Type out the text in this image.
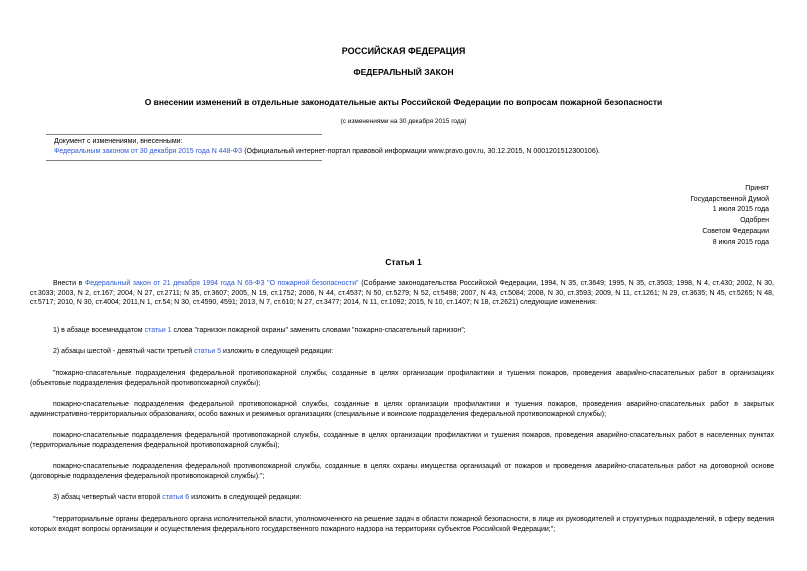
РОССИЙСКАЯ ФЕДЕРАЦИЯ
ФЕДЕРАЛЬНЫЙ ЗАКОН
О внесении изменений в отдельные законодательные акты Российской Федерации по вопросам пожарной безопасности
(с изменениями на 30 декабря 2015 года)
Документ с изменениями, внесенными:
Федеральным законом от 30 декабря 2015 года N 448-ФЗ (Официальный интернет-портал правовой информации www.pravo.gov.ru, 30.12.2015, N 0001201512300106).
Принят
Государственной Думой
1 июля 2015 года
Одобрен
Советом Федерации
8 июля 2015 года
Статья 1
Внести в Федеральный закон от 21 декабря 1994 года N 69-ФЗ "О пожарной безопасности" (Собрание законодательства Российской Федерации, 1994, N 35, ст.3649; 1995, N 35, ст.3503; 1998, N 4, ст.430; 2002, N 30, ст.3033; 2003, N 2, ст.167; 2004, N 27, ст.2711; N 35, ст.3607; 2005, N 19, ст.1752; 2006, N 44, ст.4537; N 50, ст.5279; N 52, ст.5498; 2007, N 43, ст.5084; 2008, N 30, ст.3593; 2009, N 11, ст.1261; N 29, ст.3635; N 45, ст.5265; N 48, ст.5717; 2010, N 30, ст.4004; 2011,N 1, ст.54; N 30, ст.4590, 4591; 2013, N 7, ст.610; N 27, ст.3477; 2014, N 11, ст.1092; 2015, N 10, ст.1407; N 18, ст.2621) следующие изменения:
1) в абзаце восемнадцатом статьи 1 слова "гарнизон пожарной охраны" заменить словами "пожарно-спасательный гарнизон";
2) абзацы шестой - девятый части третьей статьи 5 изложить в следующей редакции:
"пожарно-спасательные подразделения федеральной противопожарной службы, созданные в целях организации профилактики и тушения пожаров, проведения аварийно-спасательных работ в организациях (объектовые подразделения федеральной противопожарной службы);
пожарно-спасательные подразделения федеральной противопожарной службы, созданные в целях организации профилактики и тушения пожаров, проведения аварийно-спасательных работ в закрытых административно-территориальных образованиях, особо важных и режимных организациях (специальные и воинские подразделения федеральной противопожарной службы);
пожарно-спасательные подразделения федеральной противопожарной службы, созданные в целях организации профилактики и тушения пожаров, проведения аварийно-спасательных работ в населенных пунктах (территориальные подразделения федеральной противопожарной службы);
пожарно-спасательные подразделения федеральной противопожарной службы, созданные в целях охраны имущества организаций от пожаров и проведения аварийно-спасательных работ на договорной основе (договорные подразделения федеральной противопожарной службы).";
3) абзац четвертый части второй статьи 6 изложить в следующей редакции:
"территориальные органы федерального органа исполнительной власти, уполномоченного на решение задач в области пожарной безопасности, в лице их руководителей и структурных подразделений, в сферу ведения которых входят вопросы организации и осуществления федерального государственного пожарного надзора на территориях субъектов Российской Федерации;";
